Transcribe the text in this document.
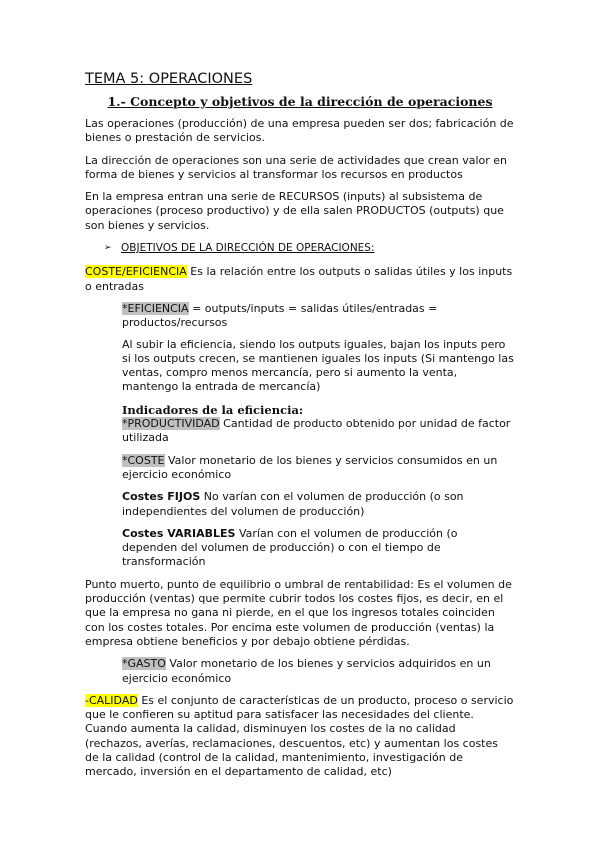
TEMA 5: OPERACIONES
1.- Concepto y objetivos de la dirección de operaciones

Las operaciones (producción) de una empresa pueden ser dos; fabricación de bienes o prestación de servicios.

La dirección de operaciones son una serie de actividades que crean valor en forma de bienes y servicios al transformar los recursos en productos

En la empresa entran una serie de RECURSOS (inputs) al subsistema de operaciones (proceso productivo) y de ella salen PRODUCTOS (outputs) que son bienes y servicios.

➢ OBJETIVOS DE LA DIRECCIÓN DE OPERACIONES:

COSTE/EFICIENCIA Es la relación entre los outputs o salidas útiles y los inputs o entradas

*EFICIENCIA = outputs/inputs = salidas útiles/entradas = productos/recursos

Al subir la eficiencia, siendo los outputs iguales, bajan los inputs pero si los outputs crecen, se mantienen iguales los inputs (Si mantengo las ventas, compro menos mercancía, pero si aumento la venta, mantengo la entrada de mercancía)

Indicadores de la eficiencia:
*PRODUCTIVIDAD Cantidad de producto obtenido por unidad de factor utilizada

*COSTE Valor monetario de los bienes y servicios consumidos en un ejercicio económico

Costes FIJOS No varían con el volumen de producción (o son independientes del volumen de producción)

Costes VARIABLES Varían con el volumen de producción (o dependen del volumen de producción) o con el tiempo de transformación

Punto muerto, punto de equilibrio o umbral de rentabilidad: Es el volumen de producción (ventas) que permite cubrir todos los costes fijos, es decir, en el que la empresa no gana ni pierde, en el que los ingresos totales coinciden con los costes totales. Por encima este volumen de producción (ventas) la empresa obtiene beneficios y por debajo obtiene pérdidas.

*GASTO Valor monetario de los bienes y servicios adquiridos en un ejercicio económico

-CALIDAD Es el conjunto de características de un producto, proceso o servicio que le confieren su aptitud para satisfacer las necesidades del cliente. Cuando aumenta la calidad, disminuyen los costes de la no calidad (rechazos, averías, reclamaciones, descuentos, etc) y aumentan los costes de la calidad (control de la calidad, mantenimiento, investigación de mercado, inversión en el departamento de calidad, etc)
